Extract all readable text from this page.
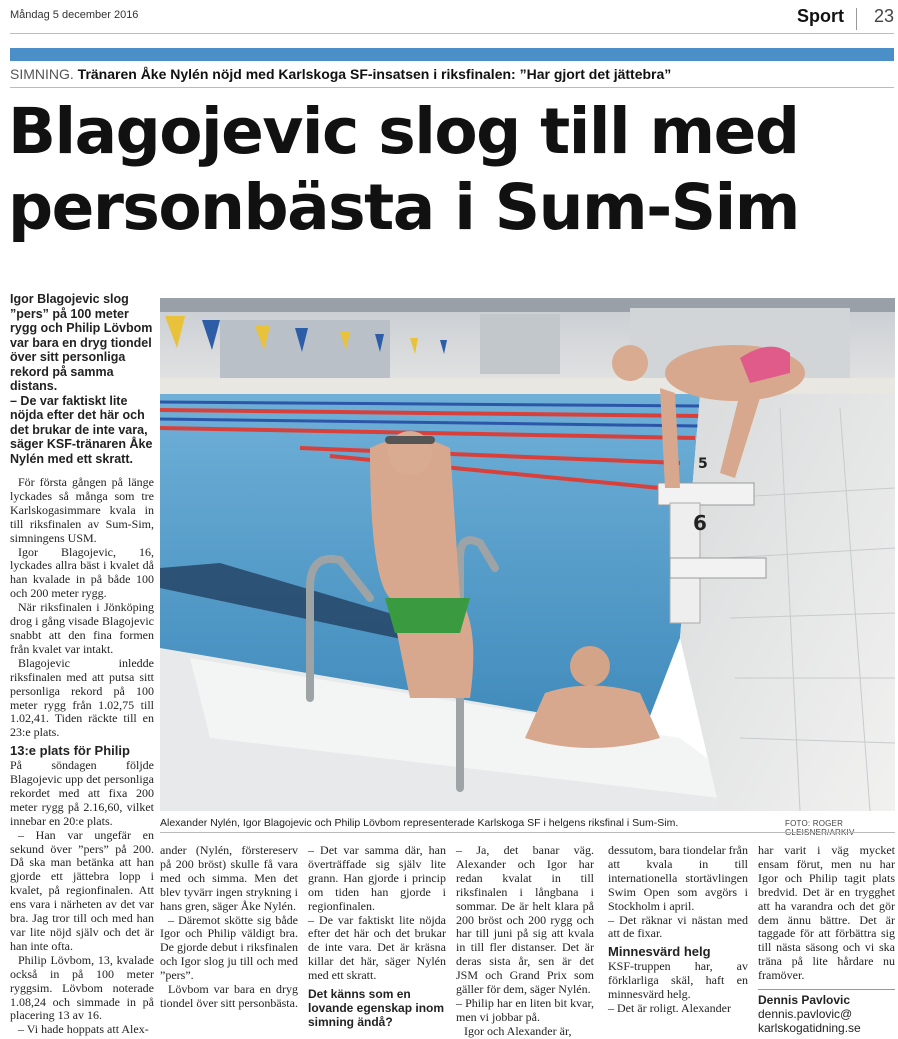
Måndag 5 december 2016	Sport 23
SIMNING. Tränaren Åke Nylén nöjd med Karlskoga SF-insatsen i riksfinalen: ”Har gjort det jättebra”
Blagojevic slog till med
personbästa i Sum-Sim

Igor Blagojevic slog ”pers” på 100 meter rygg och Philip Lövbom var bara en dryg tiondel över sitt personliga rekord på samma distans.

– De var faktiskt lite nöjda efter det här och det brukar de inte vara, säger KSF-tränaren Åke Nylén med ett skratt.

För första gången på länge lyckades så många som tre Karlskogasimmare kvala in till riksfinalen av Sum-Sim, simningens USM.

Igor Blagojevic, 16, lyckades allra bäst i kvalet då han kvalade in på både 100 och 200 meter rygg.

När riksfinalen i Jönköping drog i gång visade Blagojevic snabbt att den fina formen från kvalet var intakt.

Blagojevic inledde riksfinalen med att putsa sitt personliga rekord på 100 meter rygg från 1.02,75 till 1.02,41. Tiden räckte till en 23:e plats.

13:e plats för Philip

På söndagen följde Blagojevic upp det personliga rekordet med att fixa 200 meter rygg på 2.16,60, vilket innebar en 20:e plats.

– Han var ungefär en sekund över ”pers” på 200. Då ska man betänka att han gjorde ett jättebra lopp i kvalet, på regionfinalen. Att ens vara i närheten av det var bra. Jag tror till och med han var lite nöjd själv och det är han inte ofta.

Philip Lövbom, 13, kvalade också in på 100 meter ryggsim. Lövbom noterade 1.08,24 och simmade in på placering 13 av 16.

– Vi hade hoppats att Alex-

6
5
Alexander Nylén, Igor Blagojevic och Philip Lövbom representerade Karlskoga SF i helgens riksfinal i Sum-Sim.	FOTO: ROGER

ander (Nylén, förstereserv på 200 bröst) skulle få vara med och simma. Men det blev tyvärr ingen strykning i hans gren, säger Åke Nylén.

– Däremot skötte sig både Igor och Philip väldigt bra. De gjorde debut i riksfinalen och Igor slog ju till och med ”pers”.

Lövbom var bara en dryg tiondel över sitt personbästa.

– Det var samma där, han överträffade sig själv lite grann. Han gjorde i princip om tiden han gjorde i regionfinalen.

– De var faktiskt lite nöjda efter det här och det brukar de inte vara. Det är kräsna killar det här, säger Nylén med ett skratt.

Det känns som en lovande egenskap inom simning ändå?

– Ja, det banar väg. Alexander och Igor har redan kvalat in till riksfinalen i långbana i sommar. De är helt klara på 200 bröst och 200 rygg och har till juni på sig att kvala in till fler distanser. Det är deras sista år, sen är det JSM och Grand Prix som gäller för dem, säger Nylén.

– Philip har en liten bit kvar, men vi jobbar på.

Igor och Alexander är,

dessutom, bara tiondelar från att kvala in till internationella stortävlingen Swim Open som avgörs i Stockholm i april.

– Det räknar vi nästan med att de fixar.

Minnesvärd helg

KSF-truppen har, av förklarliga skäl, haft en minnesvärd helg.

– Det är roligt. Alexander

har varit i väg mycket ensam förut, men nu har Igor och Philip tagit plats bredvid. Det är en trygghet att ha varandra och det gör dem ännu bättre. Det är taggade för att förbättra sig till nästa säsong och vi ska träna på lite hårdare nu framöver.

Dennis Pavlovic
dennis.pavlovic@
karlskogatidning.se
